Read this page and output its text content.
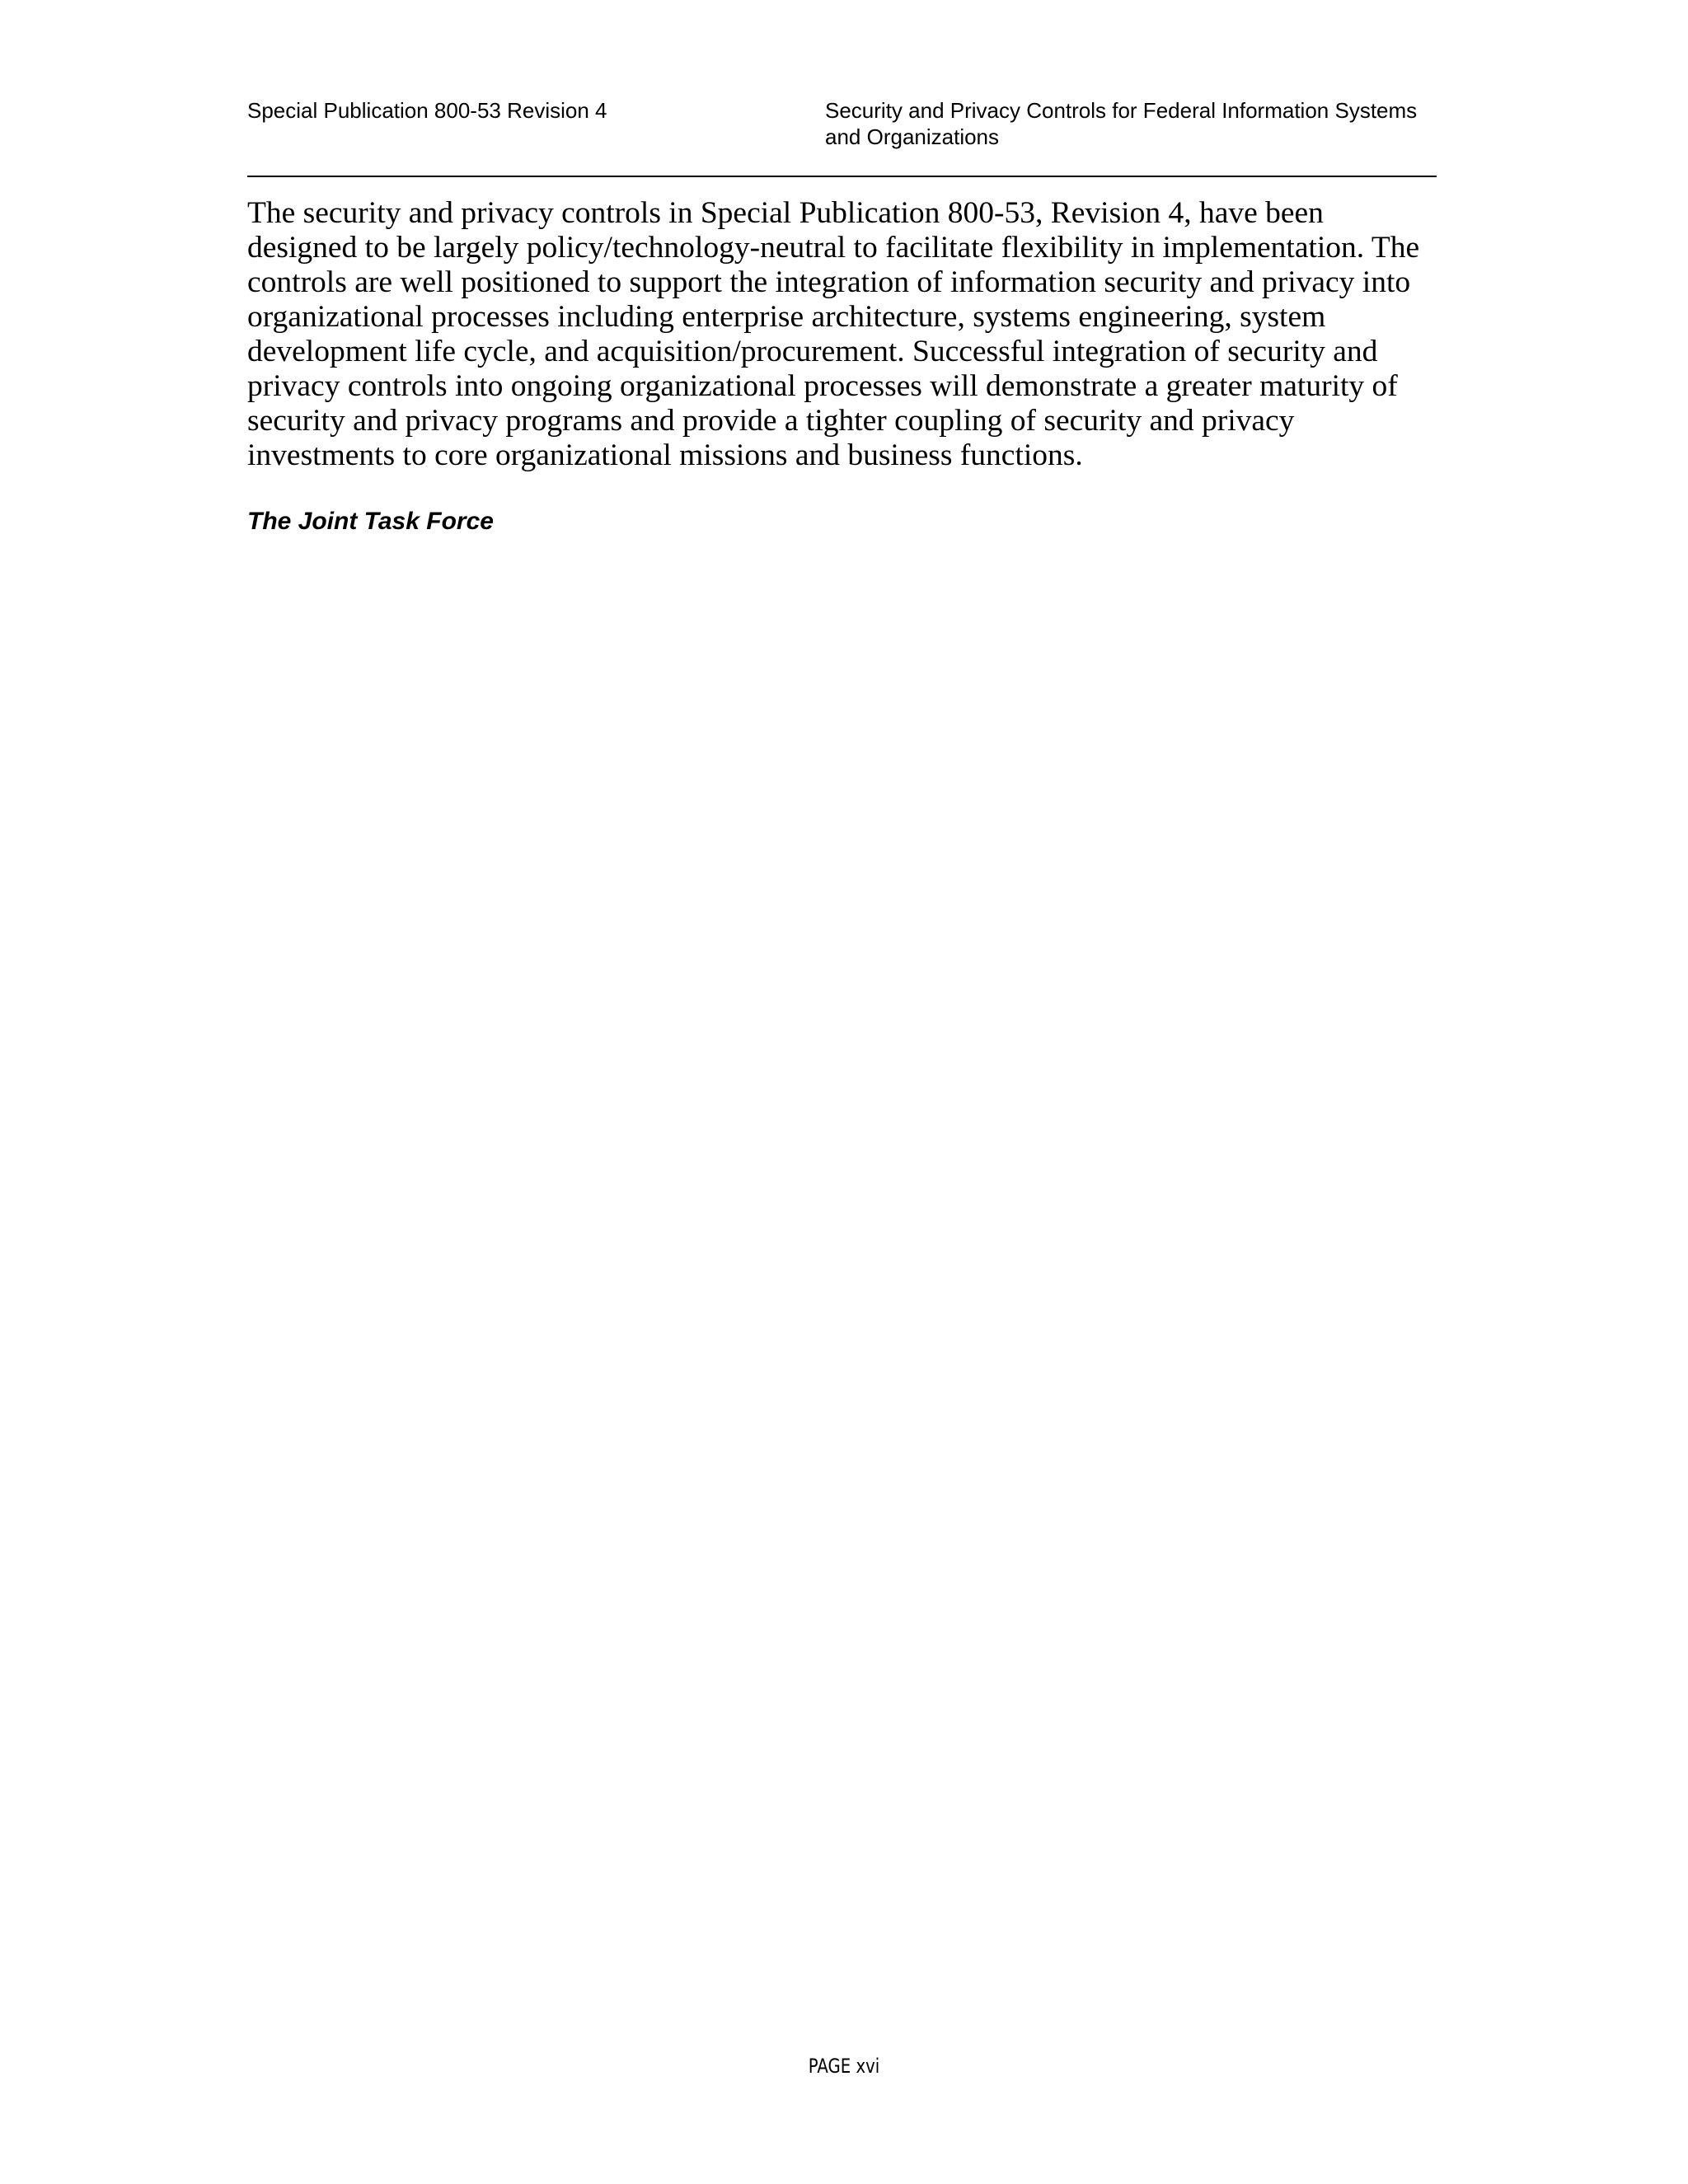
Special Publication 800-53 Revision 4	Security and Privacy Controls for Federal Information Systems and Organizations

The security and privacy controls in Special Publication 800-53, Revision 4, have been designed to be largely policy/technology-neutral to facilitate flexibility in implementation. The controls are well positioned to support the integration of information security and privacy into organizational processes including enterprise architecture, systems engineering, system development life cycle, and acquisition/procurement. Successful integration of security and privacy controls into ongoing organizational processes will demonstrate a greater maturity of security and privacy programs and provide a tighter coupling of security and privacy investments to core organizational missions and business functions.

The Joint Task Force
PAGE xvi
